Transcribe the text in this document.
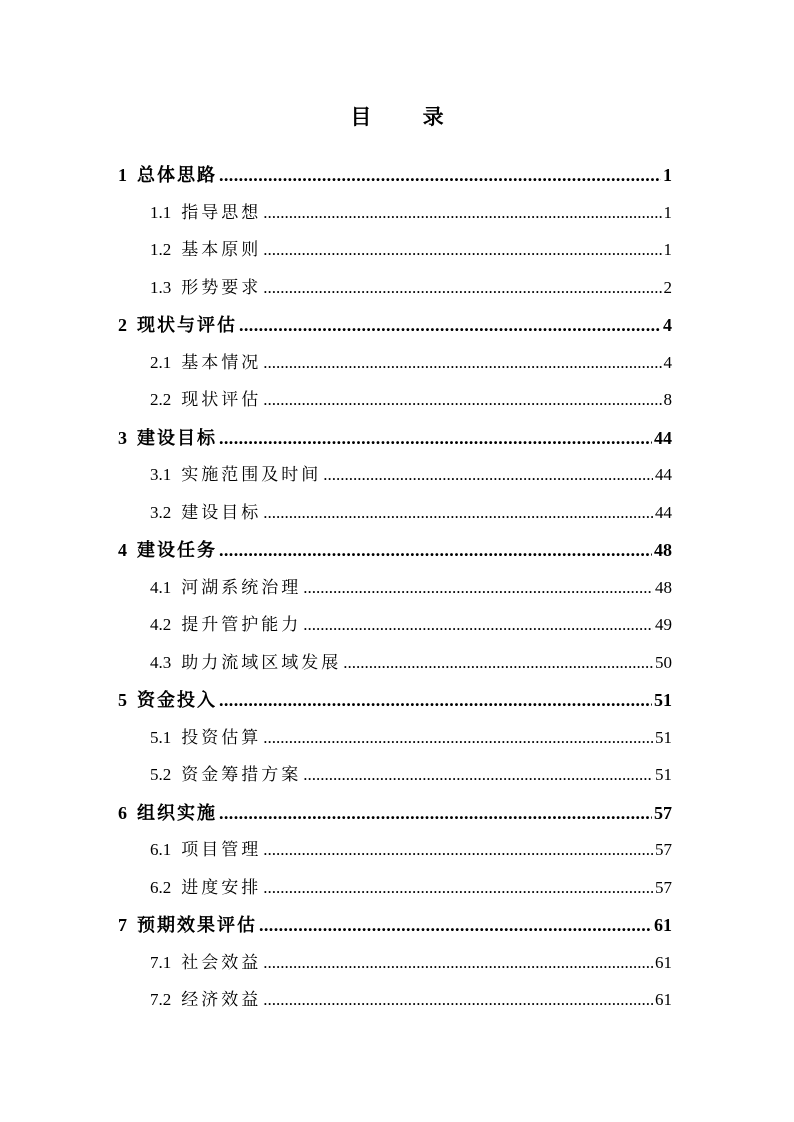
目 录
1 总体思路 .....	1
1.1 指导思想 .....	1
1.2 基本原则 .....	1
1.3 形势要求 .....	2
2 现状与评估 .....	4
2.1 基本情况 .....	4
2.2 现状评估 .....	8
3 建设目标 .....	44
3.1 实施范围及时间 .....	44
3.2 建设目标 .....	44
4 建设任务 .....	48
4.1 河湖系统治理 .....	48
4.2 提升管护能力 .....	49
4.3 助力流域区域发展 .....	50
5 资金投入 .....	51
5.1 投资估算 .....	51
5.2 资金筹措方案 .....	51
6 组织实施 .....	57
6.1 项目管理 .....	57
6.2 进度安排 .....	57
7 预期效果评估 .....	61
7.1 社会效益 .....	61
7.2 经济效益 .....	61
